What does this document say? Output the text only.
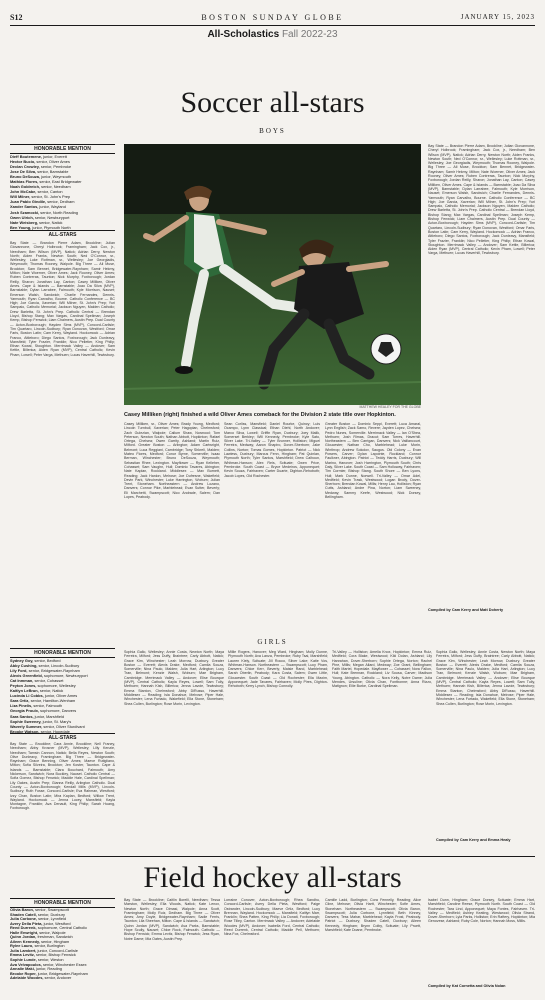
S12	BOSTON SUNDAY GLOBE	JANUARY 15, 2023
All-Scholastics Fall 2022-23
Soccer all-stars
BOYS
HONORABLE MENTION
Dieff Boutemene, junior, Everett
Hector Bucio, senior, Oliver Ames
Declan Crowley, senior, Pembroke
Jose De Silva, senior, Barnstable
Bruno DeSouza, junior, Weymouth
Mathias Flores, senior, East Bridgewater
Noah Goldreich, senior, Needham
John McCabe, senior, Canton
Will Milner, senior, St. John's Prep
Juan Pablo Gindile, senior, Dedham
Xander Santos, junior, Wayland
Josh Szamocki, senior, North Reading
Owen Ulrich, senior, Newburyport
Nate Weisberg, senior, Natick
Ben Young, junior, Plymouth North
ALL-STARS
Bay State — Brandon Pierre Adam, Brookline; Julian Giovannone, Cheryl Holbrook; Framingham; Jack Cox, jr., Needham; Ben Wilson (MVP), Natick; Adrian Derry, Newton North; Aiden Franks, Newton South; Ned O'Connor, sr., Wellesley; Luke Rottman, sr., Wellesley; Joe Georgiadis, Weymouth; Thomas Rooney, Walpole. Big Three — Ali Muse, Brockton; Sam Bennet, Bridgewater-Raynham; Samir Hekmy, Milton; Nate Woerner, Oliver Ames; Jack Rooney, Oliver Ames; Ruben Contreras, Taunton; Nick Murphy, Foxborough; Jordan Reilly, Sharon; Jonathan Lay, Canton; Casey Milliken, Oliver Ames. Cape & Islands — Barnstable; Joao Da Silva (MVP), Barnstable; Dylan Larrabee, Falmouth; Kyle Morrison, Nauset; Emerson Walsh, Sandwich; Charlie Fernandes, Dennis-Yarmouth; Ryan Carvalho, Bourne. Catholic Conference — BC High; Joe Garcia, Xaverian; Will Milner, St. John's Prep; Yuri Sampaio, Catholic Memorial; Jackson Nguyen, Malden Catholic; Drew Barletta, St. John's Prep. Catholic Central — Brendan Lloyd, Bishop Stang; Max Vargas, Cardinal Spellman; Joseph Kemp, Bishop Fenwick; Liam Chalmers, Austin Prep. Dual County — Acton-Boxborough; Hayden Sims (MVP), Concord-Carlisle; Tim Quartaro, Lincoln-Sudbury; Ryan Donovan, Westford; Omar Faris, Boston Latin; Cam Kerry, Wayland. Hockomock — Adrian Franco, Attleboro; Diego Santos, Foxborough; Jack Dunleavy, Mansfield; Tyler Frazier, Franklin; Nico Pelletier, King Philip; Ethan Kowal, Stoughton. Merrimack Valley — Andover; Sam Kettle, Billerica; Aiden Ryan (MVP), Central Catholic; Kevin Pham, Lowell; Peter Varga, Methuen; Lucas Haverhill, Tewksbury.
MATTHEW HEALEY FOR THE GLOBE
Casey Milliken (right) finished a wild Oliver Ames comeback for the Division 2 state title over Hopkinton.
Casey Milliken, sr., Oliver Ames; Brady Young, Medford; Lincoln Turnbull, Xaverian; Peter Hagopian, Chelmsford; Zach Gulezian, Walpole; Callum Shaw, Norwood; Tom Peterson, Newton South; Nathan Abbott, Hopkinton; Rafael Ortega, Chelsea; Owen Garrity, Ashland; Martin Ruiz, Milford. Greater Boston — Arlington; Adam Cartwright, Belmont; Luca Reggiani, Cambridge; Tony Shkreli, Malden; Mateo Flores, Medford; Conor Byrne, Somerville; Isaac Berman, Winchester; Bruno DeSouza, Weymouth; Sebastian Rhee, Lexington. Mayflower — Ryan Kelleher, Cohasset; Sam Vaughn, Hull; Dominic Tavares, Abington; Nate Kaplan, Rockland. Middlesex — Max Burnett, Reading; Jack Hanlon, Melrose; Joe Dufresne, Wakefield; Devin Park, Winchester; Luke Harrington, Woburn; Julian Trent, Stoneham. Northeastern — Andrew Lozano, Danvers; Connor Pike, Marblehead; Evan Sutter, Beverly; Eli Marchetti, Swampscott; Nico Andrade, Salem; Dan Lopes, Peabody.
Sean Corliss, Mansfield; Daniel Rourke, Quincy; Luis Ocampo, Lynn Classical; Ethan Diehl, North Andover; Marco Silva, Lowell; Griffin Ryan, Duxbury; Joey Malik, Somerset Berkley; Will Kennedy, Pembroke; Kyle Sato, Silver Lake. Tri-Valley — Tyler Brunner, Holliston; Miguel Ferreira, Medway; Aaron Shapiro, Dover-Sherborn; Jake Collins, Norton; Tomas Gomes, Hopkinton. Patriot — Nick Lawless, Duxbury; Marcus Fenn, Hingham; Pat Quinlan, Plymouth North; Tyler Santos, Marshfield; Drew Calhoun, Whitman-Hanson; Alex Reis, Scituate; Owen Price, Pembroke. South Coast — Bryce Medeiros, Apponequet; Kevin Souza, Fairhaven; Carter Duarte, Dighton-Rehoboth; Jacob Lopes, Old Rochester.
Greater Boston — Dominic Seppi, Everett; Luca Amaral, Lynn English; Zack Sarno, Revere; Jayden Lopez, Chelsea; Pedro Nunes, Somerville. Merrimack Valley — Ian O'Shea, Methuen; Josh Rimas, Dracut; Sam Torres, Haverhill. Northeastern — Ben Carrigan, Danvers; Nick Vaillancourt, Gloucester; Nathan Cho, Marblehead; Luke Morin, Winthrop; Andrew Sokolov, Saugus. Old Colony — Evan Powers, Carver; Dylan Lapointe, Rockland; Connor Faulkner, Abington. Patriot — Teddy Harris, Duxbury; Will Marino, Hanover; Josh Harrington, Plymouth South; Chris Daly, Silver Lake. South Coast — Sam Holloway, Fairhaven; Tim Cormier, Bishop Stang. South Shore — Ben Lyons, Hull; Mark Dunne, Norwell. Tri-Valley — Omar Adel, Medfield; Kevin Trask, Westwood; Logan Brody, Dover-Sherborn; Brendan Kowal, Millis; Henry Lau, Holliston; Ryan Cutts, Ashland; Andre Pina, Norton; Liam Sweeney, Medway; Sammy Keefe, Westwood; Nick Dorsey, Bellingham.
Bay State — Brandon Pierre Adam, Brookline; Julian Giovannone, Cheryl Holbrook; Framingham; Jack Cox, jr., Needham; Ben Wilson (MVP), Natick; Adrian Derry, Newton North; Aiden Franks, Newton South; Ned O'Connor, sr., Wellesley; Luke Rottman, sr., Wellesley; Joe Georgiadis, Weymouth; Thomas Rooney, Walpole. Big Three — Ali Muse, Brockton; Sam Bennet, Bridgewater-Raynham; Samir Hekmy, Milton; Nate Woerner, Oliver Ames; Jack Rooney, Oliver Ames; Ruben Contreras, Taunton; Nick Murphy, Foxborough; Jordan Reilly, Sharon; Jonathan Lay, Canton; Casey Milliken, Oliver Ames. Cape & Islands — Barnstable; Joao Da Silva (MVP), Barnstable; Dylan Larrabee, Falmouth; Kyle Morrison, Nauset; Emerson Walsh, Sandwich; Charlie Fernandes, Dennis-Yarmouth; Ryan Carvalho, Bourne. Catholic Conference — BC High; Joe Garcia, Xaverian; Will Milner, St. John's Prep; Yuri Sampaio, Catholic Memorial; Jackson Nguyen, Malden Catholic; Drew Barletta, St. John's Prep. Catholic Central — Brendan Lloyd, Bishop Stang; Max Vargas, Cardinal Spellman; Joseph Kemp, Bishop Fenwick; Liam Chalmers, Austin Prep. Dual County — Acton-Boxborough; Hayden Sims (MVP), Concord-Carlisle; Tim Quartaro, Lincoln-Sudbury; Ryan Donovan, Westford; Omar Faris, Boston Latin; Cam Kerry, Wayland. Hockomock — Adrian Franco, Attleboro; Diego Santos, Foxborough; Jack Dunleavy, Mansfield; Tyler Frazier, Franklin; Nico Pelletier, King Philip; Ethan Kowal, Stoughton. Merrimack Valley — Andover; Sam Kettle, Billerica; Aiden Ryan (MVP), Central Catholic; Kevin Pham, Lowell; Peter Varga, Methuen; Lucas Haverhill, Tewksbury.
Compiled by Cam Kerry and Matt Doherty
GIRLS
HONORABLE MENTION
Sydney Goy, senior, Bedford
Abby Cushing, senior, Lincoln-Sudbury
Lily Ford, senior, Bridgewater-Raynham
Alexis Greenfield, sophomore, Newburyport
Cat Inmman, senior, Cohasset
Peyton Jones, sophomore, Wellesley
Kaitlyn LeBrun, senior, Natick
Lucinda Li Cobbs, junior, Oliver Ames
Sara Ortiz, senior, Hamilton-Wenham
Liza Pinelis, senior, Falmouth
Georgia Proulx, sophomore, Danvers
Sara Santos, junior, Marshfield
Sophie Sweeney, junior, St. Mary's
Waverly Summer, senior, Oliver Sturdivant
Brooke Watson, senior, Hopedale
ALL-STARS
Bay State — Brookline; Cara Annie, Brookline; Nell Franey, Needham; Abby Krosner (MVP), Wellesley; Lilly Kenzie, Needham; Tamsin Cannon, Natick; Bella Reyes, Newton South; Olive Dunleavy, Framingham. Big Three — Bridgewater-Raynham; Grace Benning, Oliver Ames; Maeve Rutigliano, Milton; Sofia Silveira, Brockton; Jen Koster, Taunton. Cape & Islands — Barnstable; Clara Bouchard, Falmouth; Amy Nickerson, Sandwich; Nora Buckley, Nauset. Catholic Central — Sofia Gomez, Bishop Fenwick; Maddie Hale, Cardinal Spellman; Lily Oakes, Austin Prep; Gianna Reilly, Arlington Catholic. Dual County — Acton-Boxborough; Kendall Mills (MVP), Lincoln-Sudbury; Ruth Fosse, Concord-Carlisle; Eva Rahman, Westford; Izzy Chan, Boston Latin; Mira Kaplan, Bedford; Willow Trent, Wayland. Hockomock — Jenna Lucey, Mansfield; Kayla Montagne, Franklin; Ava Denault, King Philip; Sarah Huang, Foxborough.
Sophia Gallo, Wellesley; Annie Costa, Newton North; Maya Ferreira, Milford; Jess Duffy, Braintree; Carly Abbott, Natick; Grace Kim, Winchester; Leah Morrow, Duxbury. Greater Boston — Everett; Alexis Drake, Medford; Camila Souza, Somerville; Nina Paulo, Malden; Julia Hart, Arlington; Lucy Tran, Belmont; Kenzie Walsh, Woburn; Mae Brigham, Cambridge. Merrimack Valley — Andover; Elise Bourque (MVP), Central Catholic; Kayla Reyes, Lowell; Sam Tully, Methuen; Hannah Kish, Billerica; Jenna Lavoie, Tewksbury; Emma Stanton, Chelmsford; Abby DiRusso, Haverhill. Middlesex — Reading; Isla Donahue, Melrose; Piper Hale, Winchester; Lena Furtado, Wakefield; Ella Stone, Stoneham; Shea Cullen, Burlington; Rose Morin, Lexington.
Millie Rogers, Hanover; Meg Ward, Hingham; Molly Dunne, Plymouth North; Ava Lanza, Pembroke; Ruby Tsai, Marshfield; Lauren Kiely, Scituate; Jill Rocco, Silver Lake; Katie Vos, Whitman-Hanson. Northeastern — Swampscott; Lucy Pham, Danvers; Chloe Kerr, Beverly; Maisie Rand, Marblehead; Sarah Oberlin, Peabody; Kara Costa, Salem; Gwen Little, Gloucester. South Coast — Old Rochester; Ella Maxim, Apponequet; Jade Tavares, Fairhaven; Molly Pires, Dighton-Rehoboth; Kerry Lynch, Bishop Connolly.
Tri-Valley — Holliston; Amelia Knox, Hopkinton; Emma Ruiz, Medfield; Cora Blake, Westwood; Kiki Dolan, Ashland; Lily Hanrahan, Dover-Sherborn; Sophie Ortega, Norton; Rachel Pine, Millis; Megan Allard, Medway; Zoe Grant, Bellingham; Faith Martel, Hopedale. Mayflower — Cohasset; Nora Fallon, Hull; Kate Brennan, Rockland; Liv Sousa, Carver; Madison Young, Abington. Catholic — Nora Kelly, Notre Dame; Julia Mendes, Ursuline; Olivia Chan, Fontbonne; Anna Rizzo, Matignon; Ellie Burke, Cardinal Spellman.
Sophia Gallo, Wellesley; Annie Costa, Newton North; Maya Ferreira, Milford; Jess Duffy, Braintree; Carly Abbott, Natick; Grace Kim, Winchester; Leah Morrow, Duxbury. Greater Boston — Everett; Alexis Drake, Medford; Camila Souza, Somerville; Nina Paulo, Malden; Julia Hart, Arlington; Lucy Tran, Belmont; Kenzie Walsh, Woburn; Mae Brigham, Cambridge. Merrimack Valley — Andover; Elise Bourque (MVP), Central Catholic; Kayla Reyes, Lowell; Sam Tully, Methuen; Hannah Kish, Billerica; Jenna Lavoie, Tewksbury; Emma Stanton, Chelmsford; Abby DiRusso, Haverhill. Middlesex — Reading; Isla Donahue, Melrose; Piper Hale, Winchester; Lena Furtado, Wakefield; Ella Stone, Stoneham; Shea Cullen, Burlington; Rose Morin, Lexington.
Compiled by Cam Kerry and Emma Healy
Field hockey all-stars
HONORABLE MENTION
Olivia Baron, senior, Swampscott
Shaden Catell, senior, Duxbury
Julia Corbone, senior, Lynnfield
Avery Della Pieta, junior, Westford
Reed Durrenk, sophomore, Central Catholic
Halle Enwright, senior, Walpole
Quinn Jordan, freshman, Sandwich
Aileen Kennedy, senior, Hingham
Rylee Lauro, senior, Burlington
Julia Lambert, junior, Concord-Carlisle
Emma Levitz, senior, Bishop Fenwick
Sophie Lunde, senior, Weston
Ava Velvapoulos, senior, Winchester Essex
Annalie Maki, junior, Reading
Brooke Roper, junior, Bridgewater-Raynham
Adelaide Woodes, senior, Andover
Bay State — Brookline; Caitlin Borelli, Needham; Tessa Marston, Wellesley; Ella Woods, Natick; Kate Lenox, Newton North; Grace Dimasi, Walpole; Anna Scott, Framingham; Molly Ruiz, Dedham. Big Three — Oliver Ames; Amy Doyle, Bridgewater-Raynham; Sadie Ferris, Taunton; Lila Sheehan, Milton. Cape & Islands — Sandwich; Quinn Jordan (MVP), Sandwich; Ava Parks, Barnstable; Hope Scully, Nauset; Chloe Rock, Falmouth. Catholic — Bishop Fenwick; Emma Levitz, Bishop Fenwick; Jess Ryan, Notre Dame; Mia Oates, Austin Prep.
Lorraine Conover, Acton-Boxborough; Rhea Sandhu, Concord-Carlisle; Avery Della Pieta, Westford; Paige Ostrander, Lincoln-Sudbury; Maeve Ortiz, Bedford; Lucy Brennan, Wayland. Hockomock — Mansfield; Kaitlyn Marr, Franklin; Shea Patten, King Philip; Lia Donati, Foxborough; Rose Tilley, Canton. Merrimack Valley — Andover; Adelaide Woodes (MVP), Andover; Isabella Ford, Central Catholic; Reed Durrenk, Central Catholic; Maddie Pell, Methuen; Nina Fox, Chelmsford.
Camille Ladd, Burlington; Cora Fennelly, Reading; Alice Cline, Melrose; Olivia Hartt, Winchester; Sofie Ames, Stoneham. Northeastern — Swampscott; Olivia Baron, Swampscott; Julia Corbone, Lynnfield; Beth Kinney, Danvers; Tess Mahar, Marblehead; Kayla Frost, Peabody. Patriot — Duxbury; Shaden Catell, Duxbury; Aileen Kennedy, Hingham; Brynn Colby, Scituate; Lily Pruett, Marshfield; Kate Doane, Pembroke.
Isabel Dunn, Hingham; Grace Dorsey, Scituate; Emma Hart, Marshfield; Caroline Reese, Plymouth North. South Coast — Old Rochester; Tara Lind, Apponequet; Maya Fontes, Fairhaven. Tri-Valley — Medfield; Ashley Keating, Westwood; Olivia Strand, Dover-Sherborn; Lyla Parks, Holliston; Erin Raftery, Hopkinton; Mia Genovese, Ashland; Ruby Cole, Norton; Hannah Moss, Millis.
Compiled by Kat Cornetta and Olivia Nolan
